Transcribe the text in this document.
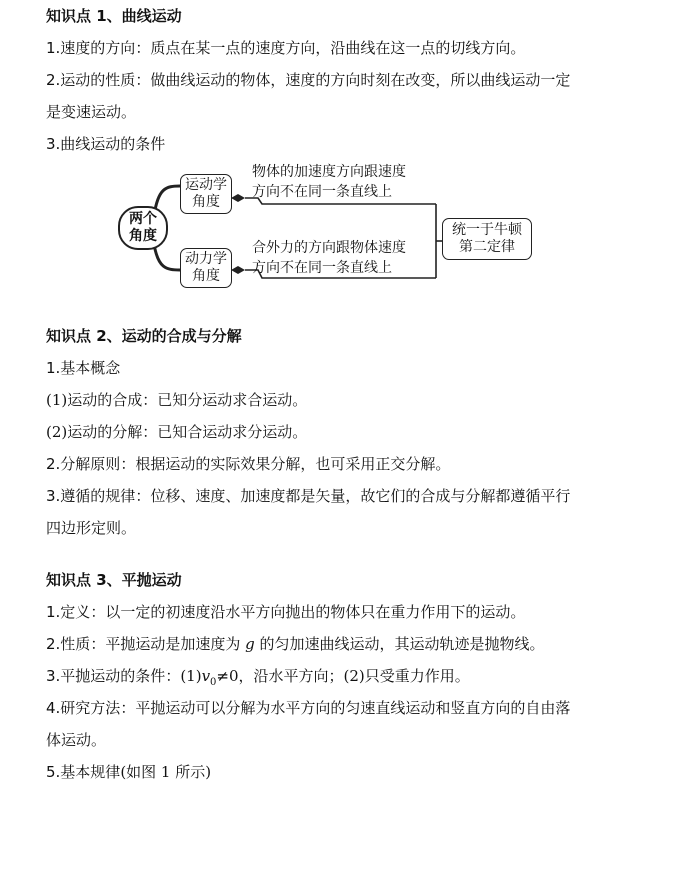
知识点 1、曲线运动
1.速度的方向：质点在某一点的速度方向，沿曲线在这一点的切线方向。
2.运动的性质：做曲线运动的物体，速度的方向时刻在改变，所以曲线运动一定
是变速运动。
3.曲线运动的条件
两个
角度
运动学
角度
动力学
角度
物体的加速度方向跟速度
方向不在同一条直线上
合外力的方向跟物体速度
方向不在同一条直线上
统一于牛顿
第二定律
知识点 2、运动的合成与分解
1.基本概念
(1)运动的合成：已知分运动求合运动。
(2)运动的分解：已知合运动求分运动。
2.分解原则：根据运动的实际效果分解，也可采用正交分解。
3.遵循的规律：位移、速度、加速度都是矢量，故它们的合成与分解都遵循平行
四边形定则。
知识点 3、平抛运动
1.定义：以一定的初速度沿水平方向抛出的物体只在重力作用下的运动。
2.性质：平抛运动是加速度为 g 的匀加速曲线运动，其运动轨迹是抛物线。
3.平抛运动的条件：$(1)v_0\ne 0$，沿水平方向；(2)只受重力作用。
4.研究方法：平抛运动可以分解为水平方向的匀速直线运动和竖直方向的自由落
体运动。
5.基本规律(如图 1 所示)
